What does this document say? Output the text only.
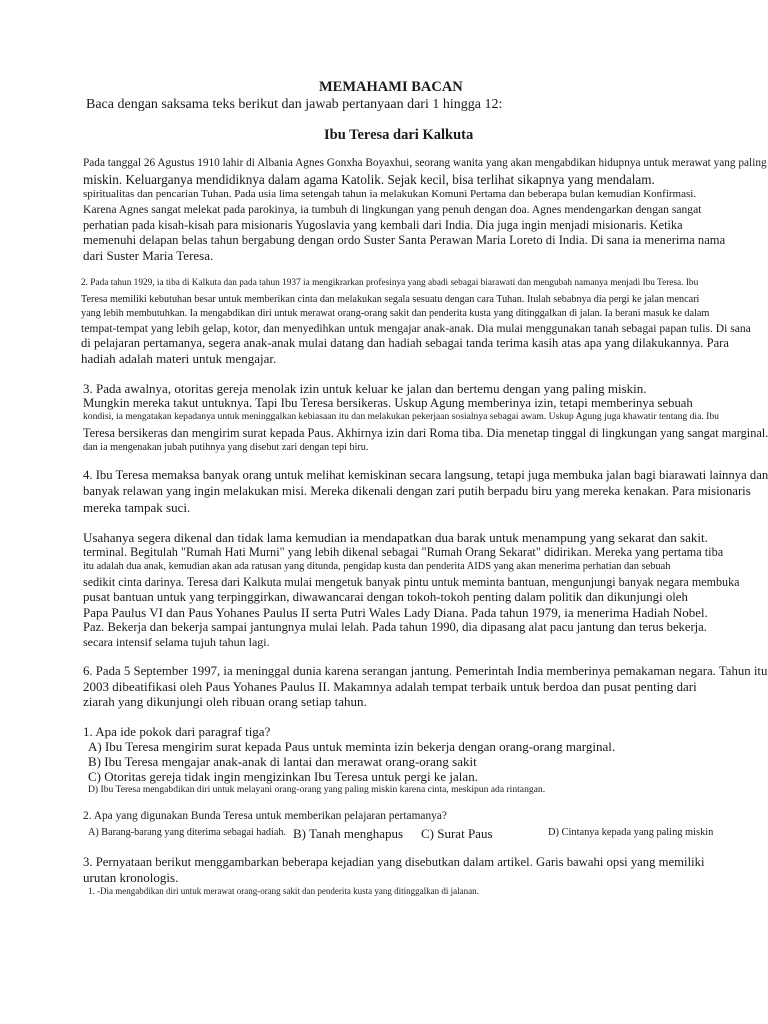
MEMAHAMI BACAN
Baca dengan saksama teks berikut dan jawab pertanyaan dari 1 hingga 12:
Ibu Teresa dari Kalkuta
Pada tanggal 26 Agustus 1910 lahir di Albania Agnes Gonxha Boyaxhui, seorang wanita yang akan mengabdikan hidupnya untuk merawat yang paling
miskin. Keluarganya mendidiknya dalam agama Katolik. Sejak kecil, bisa terlihat sikapnya yang mendalam.
spiritualitas dan pencarian Tuhan. Pada usia lima setengah tahun ia melakukan Komuni Pertama dan beberapa bulan kemudian Konfirmasi.
Karena Agnes sangat melekat pada parokinya, ia tumbuh di lingkungan yang penuh dengan doa. Agnes mendengarkan dengan sangat
perhatian pada kisah-kisah para misionaris Yugoslavia yang kembali dari India. Dia juga ingin menjadi misionaris. Ketika
memenuhi delapan belas tahun bergabung dengan ordo Suster Santa Perawan Maria Loreto di India. Di sana ia menerima nama
dari Suster Maria Teresa.
2. Pada tahun 1929, ia tiba di Kalkuta dan pada tahun 1937 ia mengikrarkan profesinya yang abadi sebagai biarawati dan mengubah namanya menjadi Ibu Teresa. Ibu
Teresa memiliki kebutuhan besar untuk memberikan cinta dan melakukan segala sesuatu dengan cara Tuhan. Itulah sebabnya dia pergi ke jalan mencari
yang lebih membutuhkan. Ia mengabdikan diri untuk merawat orang-orang sakit dan penderita kusta yang ditinggalkan di jalan. Ia berani masuk ke dalam
tempat-tempat yang lebih gelap, kotor, dan menyedihkan untuk mengajar anak-anak. Dia mulai menggunakan tanah sebagai papan tulis. Di sana
di pelajaran pertamanya, segera anak-anak mulai datang dan hadiah sebagai tanda terima kasih atas apa yang dilakukannya. Para
hadiah adalah materi untuk mengajar.
3. Pada awalnya, otoritas gereja menolak izin untuk keluar ke jalan dan bertemu dengan yang paling miskin.
Mungkin mereka takut untuknya. Tapi Ibu Teresa bersikeras. Uskup Agung memberinya izin, tetapi memberinya sebuah
kondisi, ia mengatakan kepadanya untuk meninggalkan kebiasaan itu dan melakukan pekerjaan sosialnya sebagai awam. Uskup Agung juga khawatir tentang dia. Ibu
Teresa bersikeras dan mengirim surat kepada Paus. Akhirnya izin dari Roma tiba. Dia menetap tinggal di lingkungan yang sangat marginal.
dan ia mengenakan jubah putihnya yang disebut zari dengan tepi biru.
4. Ibu Teresa memaksa banyak orang untuk melihat kemiskinan secara langsung, tetapi juga membuka jalan bagi biarawati lainnya dan
banyak relawan yang ingin melakukan misi. Mereka dikenali dengan zari putih berpadu biru yang mereka kenakan. Para misionaris
mereka tampak suci.
Usahanya segera dikenal dan tidak lama kemudian ia mendapatkan dua barak untuk menampung yang sekarat dan sakit.
terminal. Begitulah "Rumah Hati Murni" yang lebih dikenal sebagai "Rumah Orang Sekarat" didirikan. Mereka yang pertama tiba
itu adalah dua anak, kemudian akan ada ratusan yang ditunda, pengidap kusta dan penderita AIDS yang akan menerima perhatian dan sebuah
sedikit cinta darinya. Teresa dari Kalkuta mulai mengetuk banyak pintu untuk meminta bantuan, mengunjungi banyak negara membuka
pusat bantuan untuk yang terpinggirkan, diwawancarai dengan tokoh-tokoh penting dalam politik dan dikunjungi oleh
Papa Paulus VI dan Paus Yohanes Paulus II serta Putri Wales Lady Diana. Pada tahun 1979, ia menerima Hadiah Nobel.
Paz. Bekerja dan bekerja sampai jantungnya mulai lelah. Pada tahun 1990, dia dipasang alat pacu jantung dan terus bekerja.
secara intensif selama tujuh tahun lagi.
6. Pada 5 September 1997, ia meninggal dunia karena serangan jantung. Pemerintah India memberinya pemakaman negara. Tahun itu
2003 dibeatifikasi oleh Paus Yohanes Paulus II. Makamnya adalah tempat terbaik untuk berdoa dan pusat penting dari
ziarah yang dikunjungi oleh ribuan orang setiap tahun.
1. Apa ide pokok dari paragraf tiga?
A) Ibu Teresa mengirim surat kepada Paus untuk meminta izin bekerja dengan orang-orang marginal.
B) Ibu Teresa mengajar anak-anak di lantai dan merawat orang-orang sakit
C) Otoritas gereja tidak ingin mengizinkan Ibu Teresa untuk pergi ke jalan.
D) Ibu Teresa mengabdikan diri untuk melayani orang-orang yang paling miskin karena cinta, meskipun ada rintangan.
2. Apa yang digunakan Bunda Teresa untuk memberikan pelajaran pertamanya?
A) Barang-barang yang diterima sebagai hadiah. B) Tanah menghapus C) Surat Paus	D) Cintanya kepada yang paling miskin
3. Pernyataan berikut menggambarkan beberapa kejadian yang disebutkan dalam artikel. Garis bawahi opsi yang memiliki
urutan kronologis.
1. -Dia mengabdikan diri untuk merawat orang-orang sakit dan penderita kusta yang ditinggalkan di jalanan.
